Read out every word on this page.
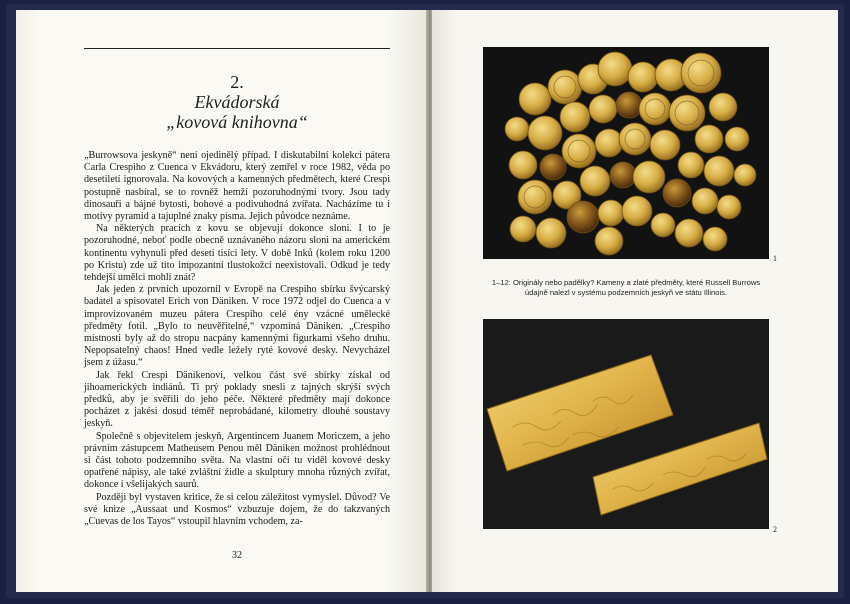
2.
Ekvádorská
„kovová knihovna“

„Burrowsova jeskyně“ není ojedinělý případ. I diskutabilní kolekci pátera Carla Crespiho z Cuenca v Ekvádoru, který zemřel v roce 1982, věda po desetiletí ignorovala. Na kovových a kamenných předmětech, které Crespi postupně nasbíral, se to rovněž hemží pozoruhodnými tvory. Jsou tady dinosauři a bájné bytosti, bohové a podivuhodná zvířata. Nacházíme tu i motivy pyramid a tajuplné znaky písma. Jejich původce neznáme.

Na některých pracích z kovu se objevují dokonce sloni. I to je pozoruhodné, neboť podle obecně uznávaného názoru sloni na americkém kontinentu vyhynuli před deseti tisíci lety. V době Inků (kolem roku 1200 po Kristu) zde už tito impozantní tlustokožci neexistovali. Odkud je tedy tehdejší umělci mohli znát?

Jak jeden z prvních upozornil v Evropě na Crespiho sbírku švýcarský badatel a spisovatel Erich von Däniken. V roce 1972 odjel do Cuenca a v improvizovaném muzeu pátera Crespiho celé ény vzácné umělecké předměty fotil. „Bylo to neuvěřitelné,“ vzpomíná Däniken. „Crespiho místnosti byly až do stropu nacpány kamennými figurkami všeho druhu. Nepopsatelný chaos! Hned vedle ležely ryté kovové desky. Nevycházel jsem z úžasu.“

Jak řekl Crespi Dänikenovi, velkou část své sbírky získal od jihoamerických indiánů. Ti prý poklady snesli z tajných skrýší svých předků, aby je svěřili do jeho péče. Některé předměty mají dokonce pocházet z jakési dosud téměř neprobádané, kilometry dlouhé soustavy jeskyň.

Společně s objevitelem jeskyň, Argentincem Juanem Moriczem, a jeho právním zástupcem Matheusem Penou měl Däniken možnost prohlédnout si část tohoto podzemního světa. Na vlastní oči tu viděl kovové desky opatřené nápisy, ale také zvláštní židle a skulptury mnoha různých zvířat, dokonce i všelijakých saurů.

Později byl vystaven kritice, že si celou záležitost vymyslel. Důvod? Ve své knize „Aussaat und Kosmos“ vzbuzuje dojem, že do takzvaných „Cuevas de los Tayos“ vstoupil hlavním vchodem, za-

32
1
1–12: Originály nebo padělky? Kameny a zlaté předměty, které Russell Burrows údajně nalezl v systému podzemních jeskyň ve státu Illinois.
2
